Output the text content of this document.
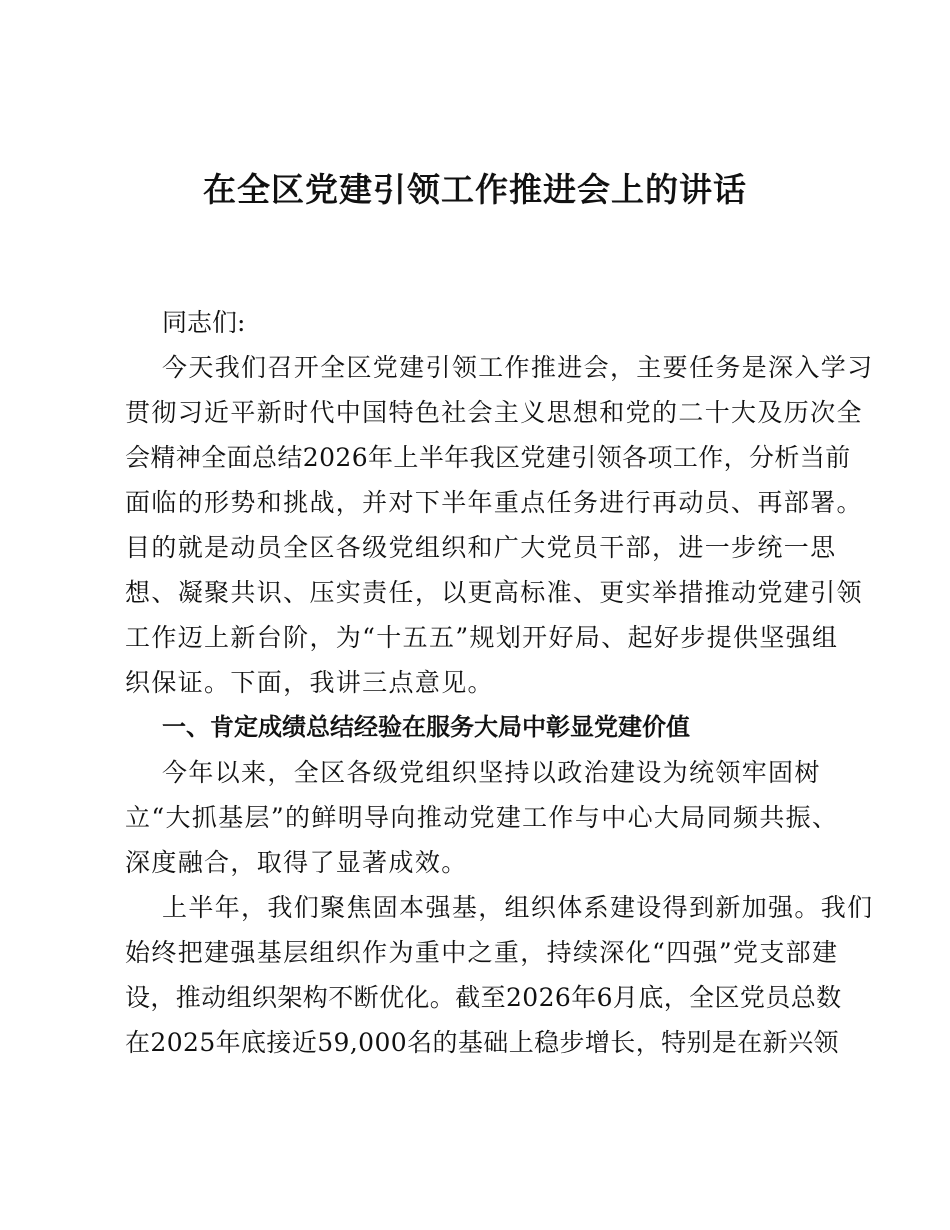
在全区党建引领工作推进会上的讲话
同志们:
今天我们召开全区党建引领工作推进会，主要任务是深入学习
贯彻习近平新时代中国特色社会主义思想和党的二十大及历次全
会精神全面总结2026年上半年我区党建引领各项工作，分析当前
面临的形势和挑战，并对下半年重点任务进行再动员、再部署。
目的就是动员全区各级党组织和广大党员干部，进一步统一思
想、凝聚共识、压实责任，以更高标准、更实举措推动党建引领
工作迈上新台阶，为“十五五”规划开好局、起好步提供坚强组
织保证。下面，我讲三点意见。
一、肯定成绩总结经验在服务大局中彰显党建价值
今年以来，全区各级党组织坚持以政治建设为统领牢固树
立“大抓基层”的鲜明导向推动党建工作与中心大局同频共振、
深度融合，取得了显著成效。
上半年，我们聚焦固本强基，组织体系建设得到新加强。我们
始终把建强基层组织作为重中之重，持续深化“四强”党支部建
设，推动组织架构不断优化。截至2026年6月底，全区党员总数
在2025年底接近59,000名的基础上稳步增长，特别是在新兴领
